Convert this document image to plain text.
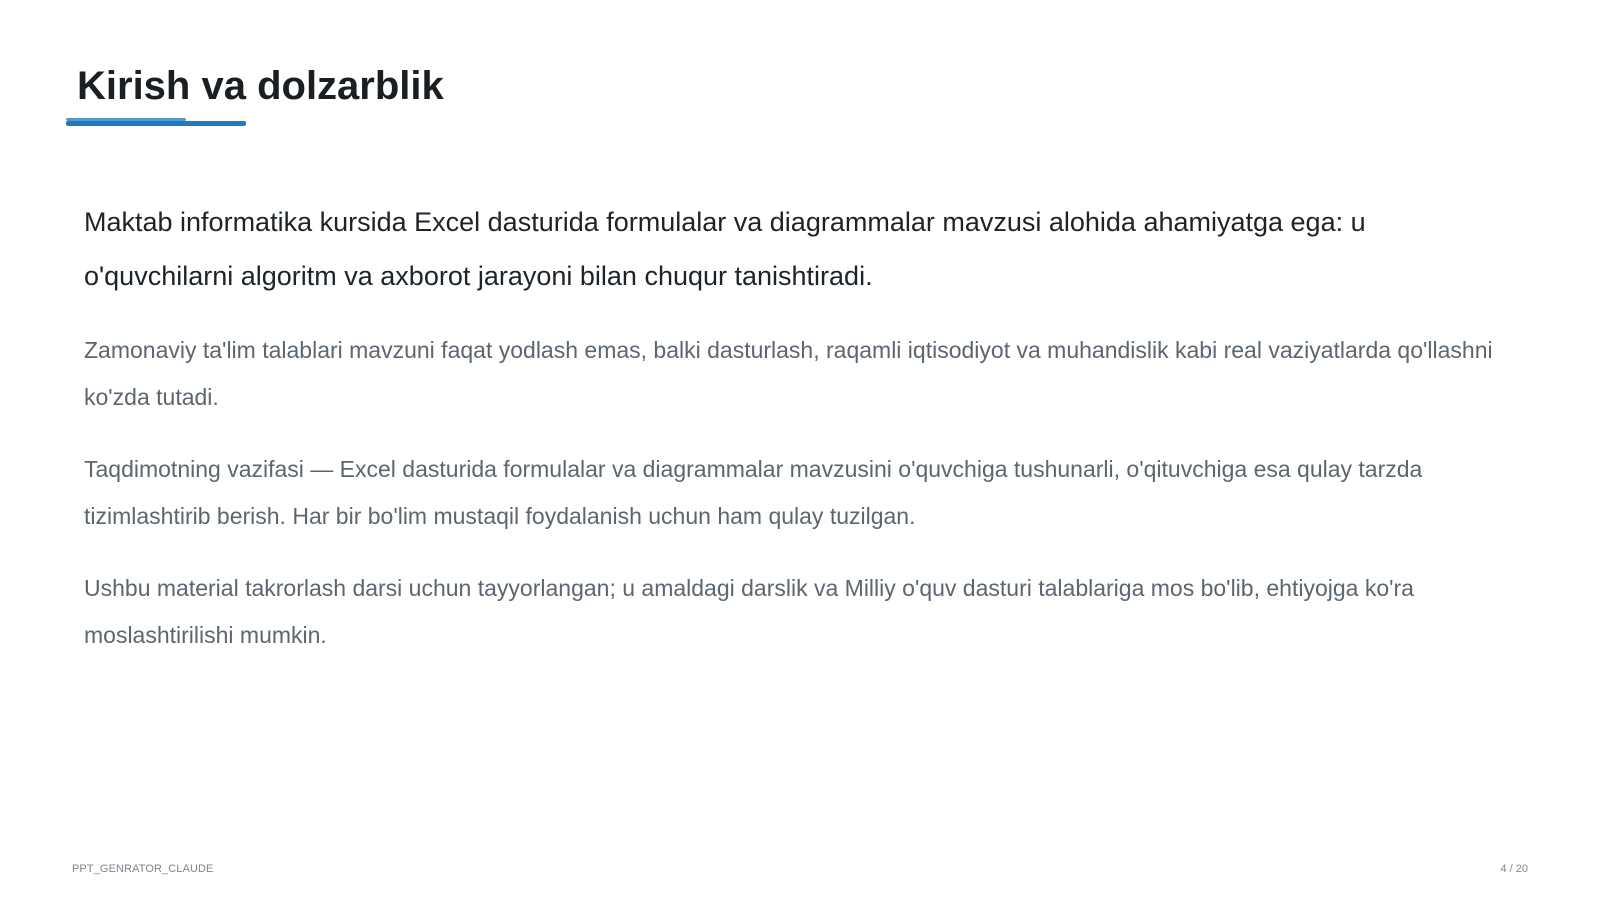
Kirish va dolzarblik

Maktab informatika kursida Excel dasturida formulalar va diagrammalar mavzusi alohida ahamiyatga ega: u o'quvchilarni algoritm va axborot jarayoni bilan chuqur tanishtiradi.

Zamonaviy ta'lim talablari mavzuni faqat yodlash emas, balki dasturlash, raqamli iqtisodiyot va muhandislik kabi real vaziyatlarda qo'llashni ko'zda tutadi.

Taqdimotning vazifasi — Excel dasturida formulalar va diagrammalar mavzusini o'quvchiga tushunarli, o'qituvchiga esa qulay tarzda tizimlashtirib berish. Har bir bo'lim mustaqil foydalanish uchun ham qulay tuzilgan.

Ushbu material takrorlash darsi uchun tayyorlangan; u amaldagi darslik va Milliy o'quv dasturi talablariga mos bo'lib, ehtiyojga ko'ra moslashtirilishi mumkin.

PPT_GENRATOR_CLAUDE	4 / 20
